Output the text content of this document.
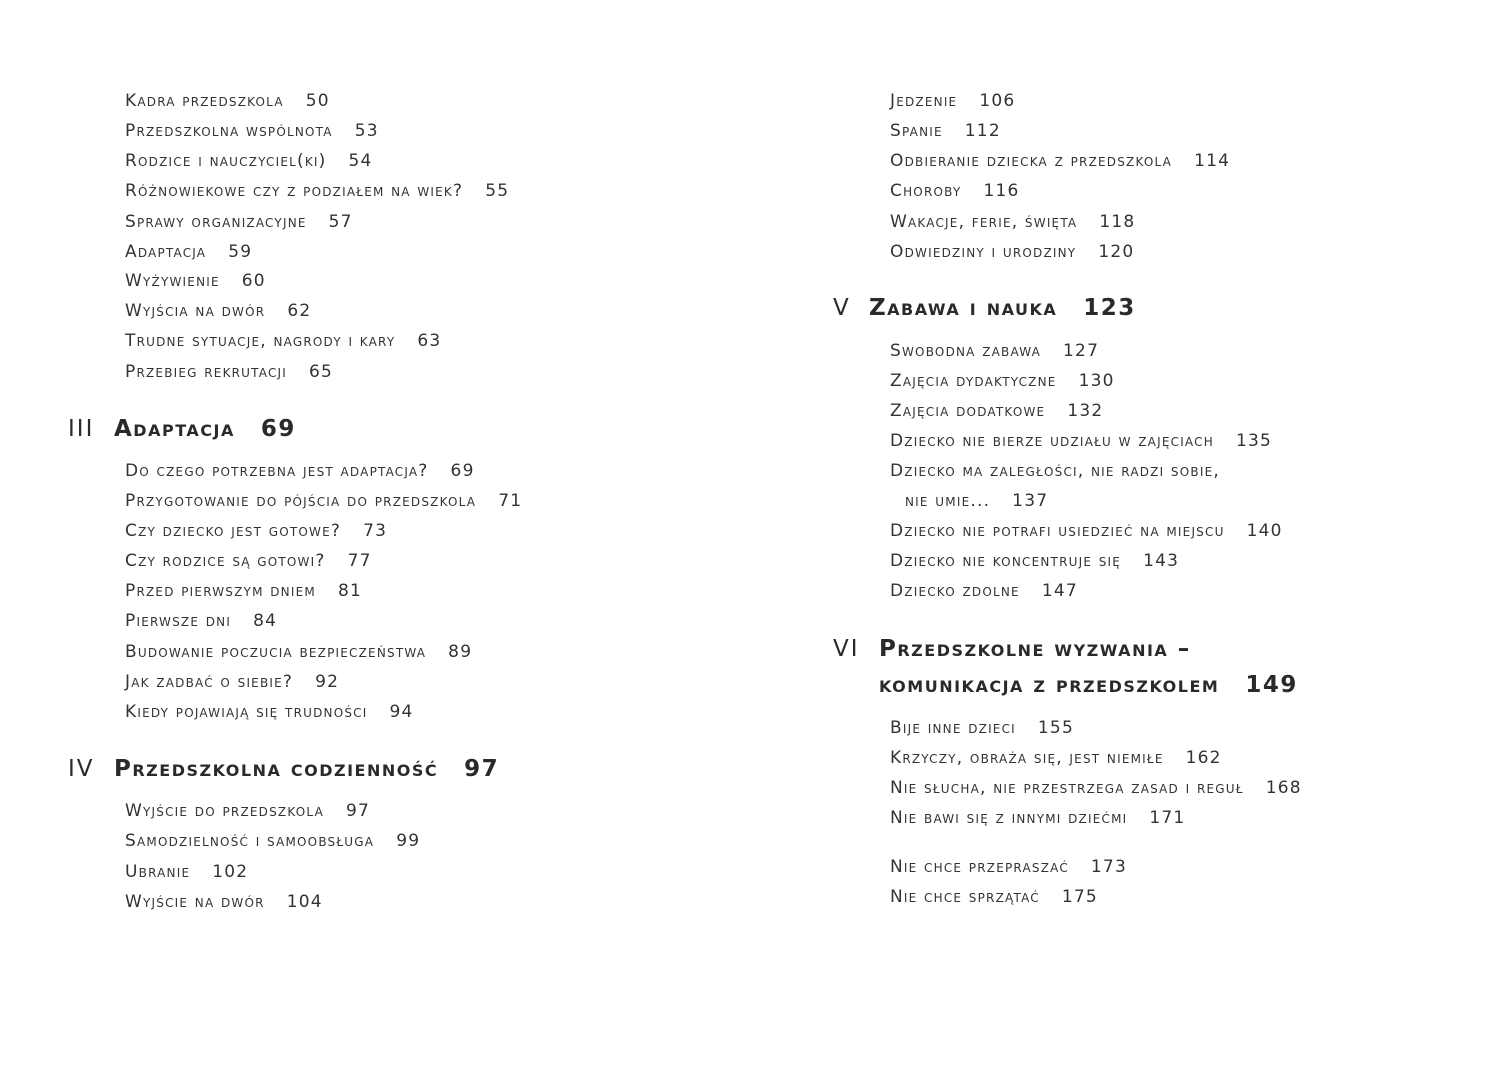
Kadra przedszkola 50
Przedszkolna wspólnota 53
Rodzice i nauczyciel(ki) 54
Różnowiekowe czy z podziałem na wiek? 55
Sprawy organizacyjne 57
Adaptacja 59
Wyżywienie 60
Wyjścia na dwór 62
Trudne sytuacje, nagrody i kary 63
Przebieg rekrutacji 65
III Adaptacja 69
Do czego potrzebna jest adaptacja? 69
Przygotowanie do pójścia do przedszkola 71
Czy dziecko jest gotowe? 73
Czy rodzice są gotowi? 77
Przed pierwszym dniem 81
Pierwsze dni 84
Budowanie poczucia bezpieczeństwa 89
Jak zadbać o siebie? 92
Kiedy pojawiają się trudności 94
IV Przedszkolna codzienność 97
Wyjście do przedszkola 97
Samodzielność i samoobsługa 99
Ubranie 102
Wyjście na dwór 104
Jedzenie 106
Spanie 112
Odbieranie dziecka z przedszkola 114
Choroby 116
Wakacje, ferie, święta 118
Odwiedziny i urodziny 120
V Zabawa i nauka 123
Swobodna zabawa 127
Zajęcia dydaktyczne 130
Zajęcia dodatkowe 132
Dziecko nie bierze udziału w zajęciach 135
Dziecko ma zaległości, nie radzi sobie,
nie umie... 137
Dziecko nie potrafi usiedzieć na miejscu 140
Dziecko nie koncentruje się 143
Dziecko zdolne 147
VI Przedszkolne wyzwania –
komunikacja z przedszkolem 149
Bije inne dzieci 155
Krzyczy, obraża się, jest niemiłe 162
Nie słucha, nie przestrzega zasad i reguł 168
Nie bawi się z innymi dziećmi 171
Nie chce przepraszać 173
Nie chce sprzątać 175
